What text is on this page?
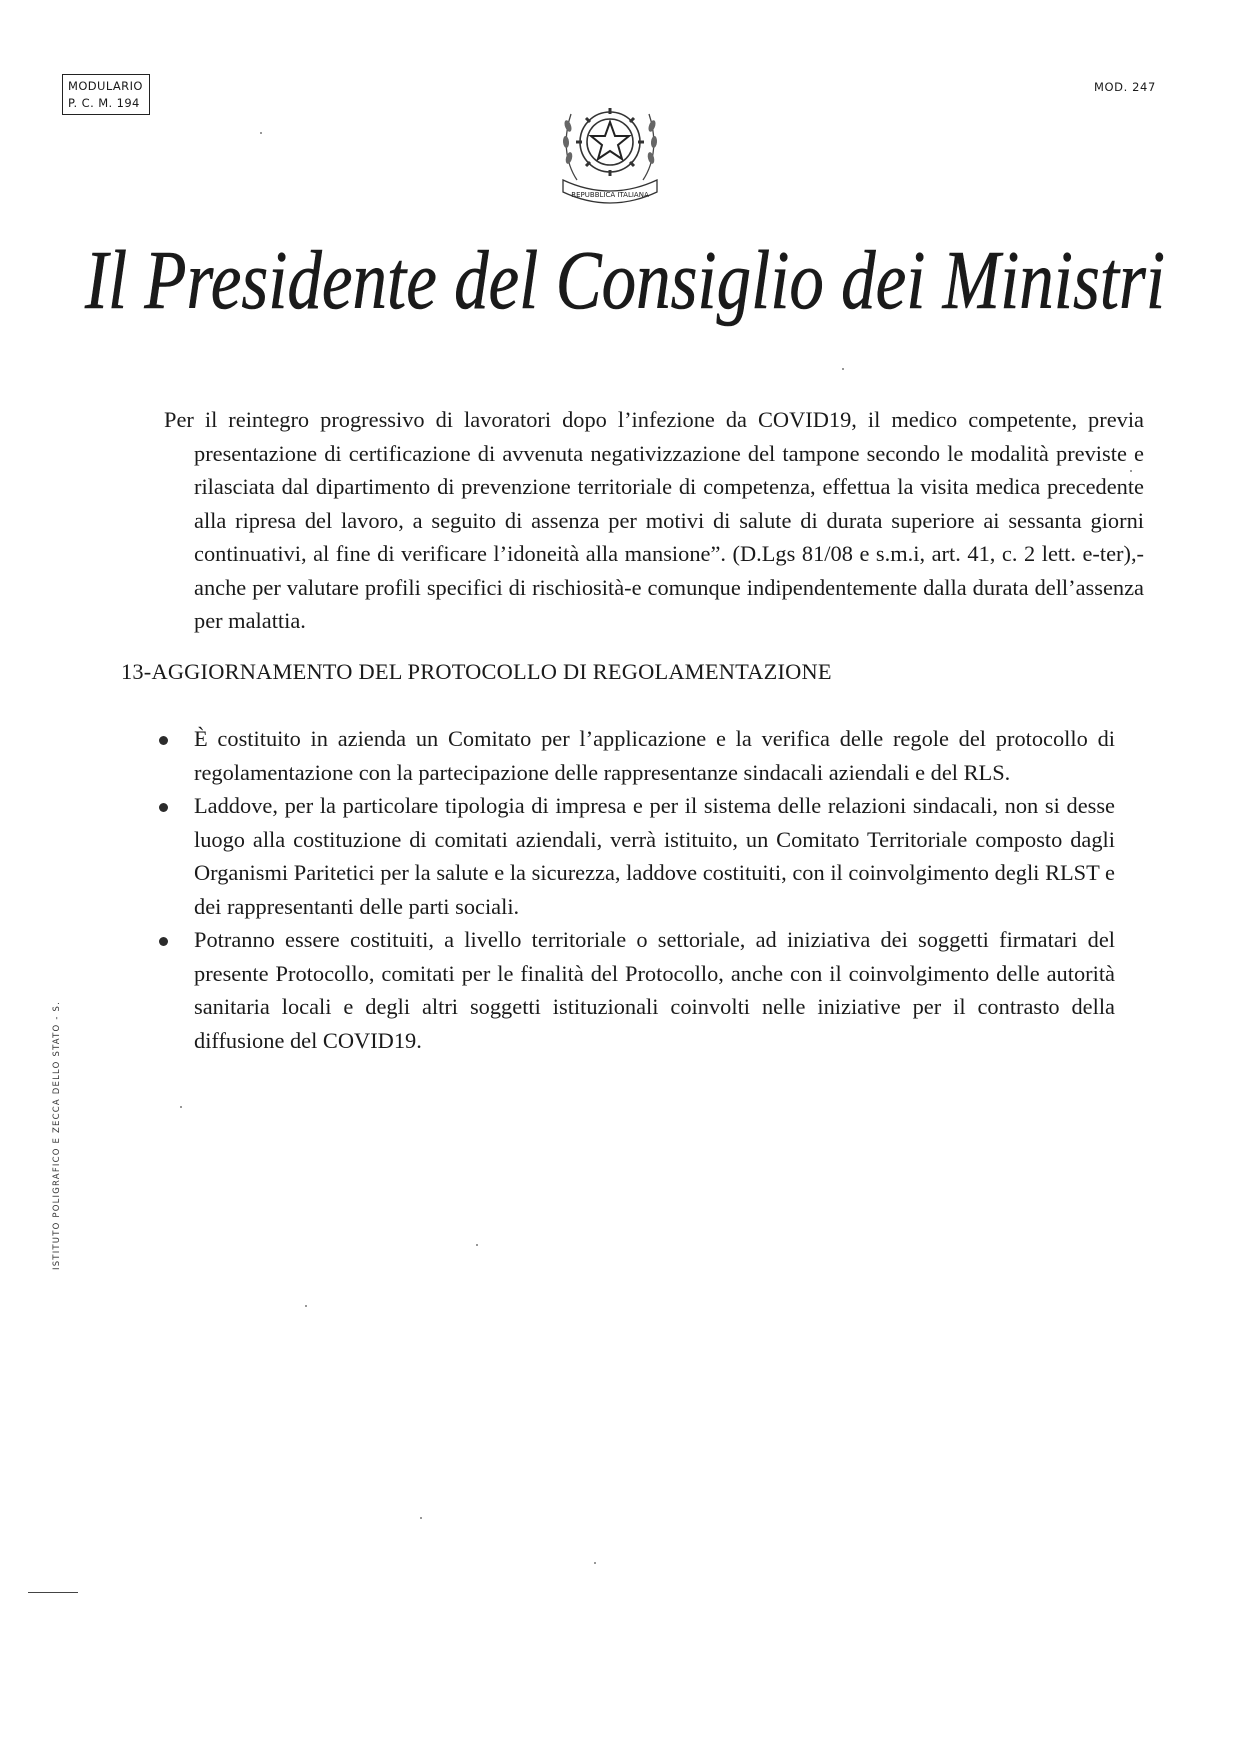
MODULARIO
P. C. M. 194
MOD. 247
REPUBBLICA ITALIANA
Il Presidente del Consiglio dei Ministri

Per il reintegro progressivo di lavoratori dopo l’infezione da COVID19, il medico competente, previa presentazione di certificazione di avvenuta negativizzazione del tampone secondo le modalità previste e rilasciata dal dipartimento di prevenzione territoriale di competenza, effettua la visita medica precedente alla ripresa del lavoro, a seguito di assenza per motivi di salute di durata superiore ai sessanta giorni continuativi, al fine di verificare l’idoneità alla mansione”. (D.Lgs 81/08 e s.m.i, art. 41, c. 2 lett. e-ter),-anche per valutare profili specifici di rischiosità-e comunque indipendentemente dalla durata dell’assenza per malattia.

13-AGGIORNAMENTO DEL PROTOCOLLO DI REGOLAMENTAZIONE
È costituito in azienda un Comitato per l’applicazione e la verifica delle regole del protocollo di regolamentazione con la partecipazione delle rappresentanze sindacali aziendali e del RLS.
Laddove, per la particolare tipologia di impresa e per il sistema delle relazioni sindacali, non si desse luogo alla costituzione di comitati aziendali, verrà istituito, un Comitato Territoriale composto dagli Organismi Paritetici per la salute e la sicurezza, laddove costituiti, con il coinvolgimento degli RLST e dei rappresentanti delle parti sociali.
Potranno essere costituiti, a livello territoriale o settoriale, ad iniziativa dei soggetti firmatari del presente Protocollo, comitati per le finalità del Protocollo, anche con il coinvolgimento delle autorità sanitaria locali e degli altri soggetti istituzionali coinvolti nelle iniziative per il contrasto della diffusione del COVID19.
ISTITUTO POLIGRAFICO E ZECCA DELLO STATO - S.
